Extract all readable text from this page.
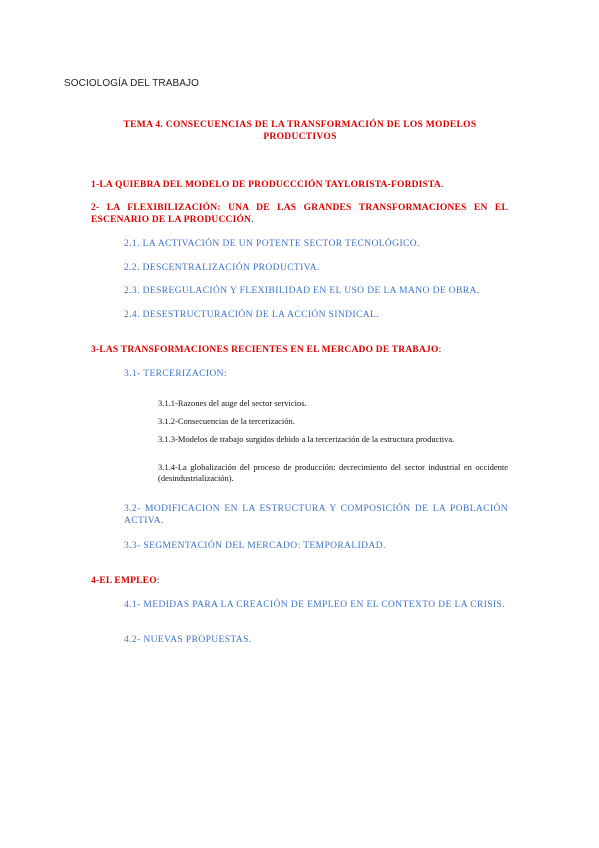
SOCIOLOGÍA DEL TRABAJO
TEMA 4. CONSECUENCIAS DE LA TRANSFORMACIÓN DE LOS MODELOS
PRODUCTIVOS
1-LA QUIEBRA DEL MODELO DE PRODUCCCIÓN TAYLORISTA-FORDISTA.
2- LA FLEXIBILIZACIÓN: UNA DE LAS GRANDES TRANSFORMACIONES EN EL ESCENARIO DE LA PRODUCCIÓN.
2.1. LA ACTIVACIÓN DE UN POTENTE SECTOR TECNOLÓGICO.
2.2. DESCENTRALIZACIÓN PRODUCTIVA.
2.3. DESREGULACIÓN Y FLEXIBILIDAD EN EL USO DE LA MANO DE OBRA.
2.4. DESESTRUCTURACIÓN DE LA ACCIÓN SINDICAL.
3-LAS TRANSFORMACIONES RECIENTES EN EL MERCADO DE TRABAJO:
3.1- TERCERIZACION:
3.1.1-Razones del auge del sector servicios.
3.1.2-Consecuencias de la tercerización.
3.1.3-Modelos de trabajo surgidos debido a la tercerización de la estructura productiva.
3.1.4-La globalización del proceso de producción: decrecimiento del sector industrial en occidente (desindustrialización).
3.2- MODIFICACION EN LA ESTRUCTURA Y COMPOSICIÓN DE LA POBLACIÓN ACTIVA.
3.3- SEGMENTACIÓN DEL MERCADO: TEMPORALIDAD.
4-EL EMPLEO:
4.1- MEDIDAS PARA LA CREACIÓN DE EMPLEO EN EL CONTEXTO DE LA CRISIS.
4.2- NUEVAS PROPUESTAS.
